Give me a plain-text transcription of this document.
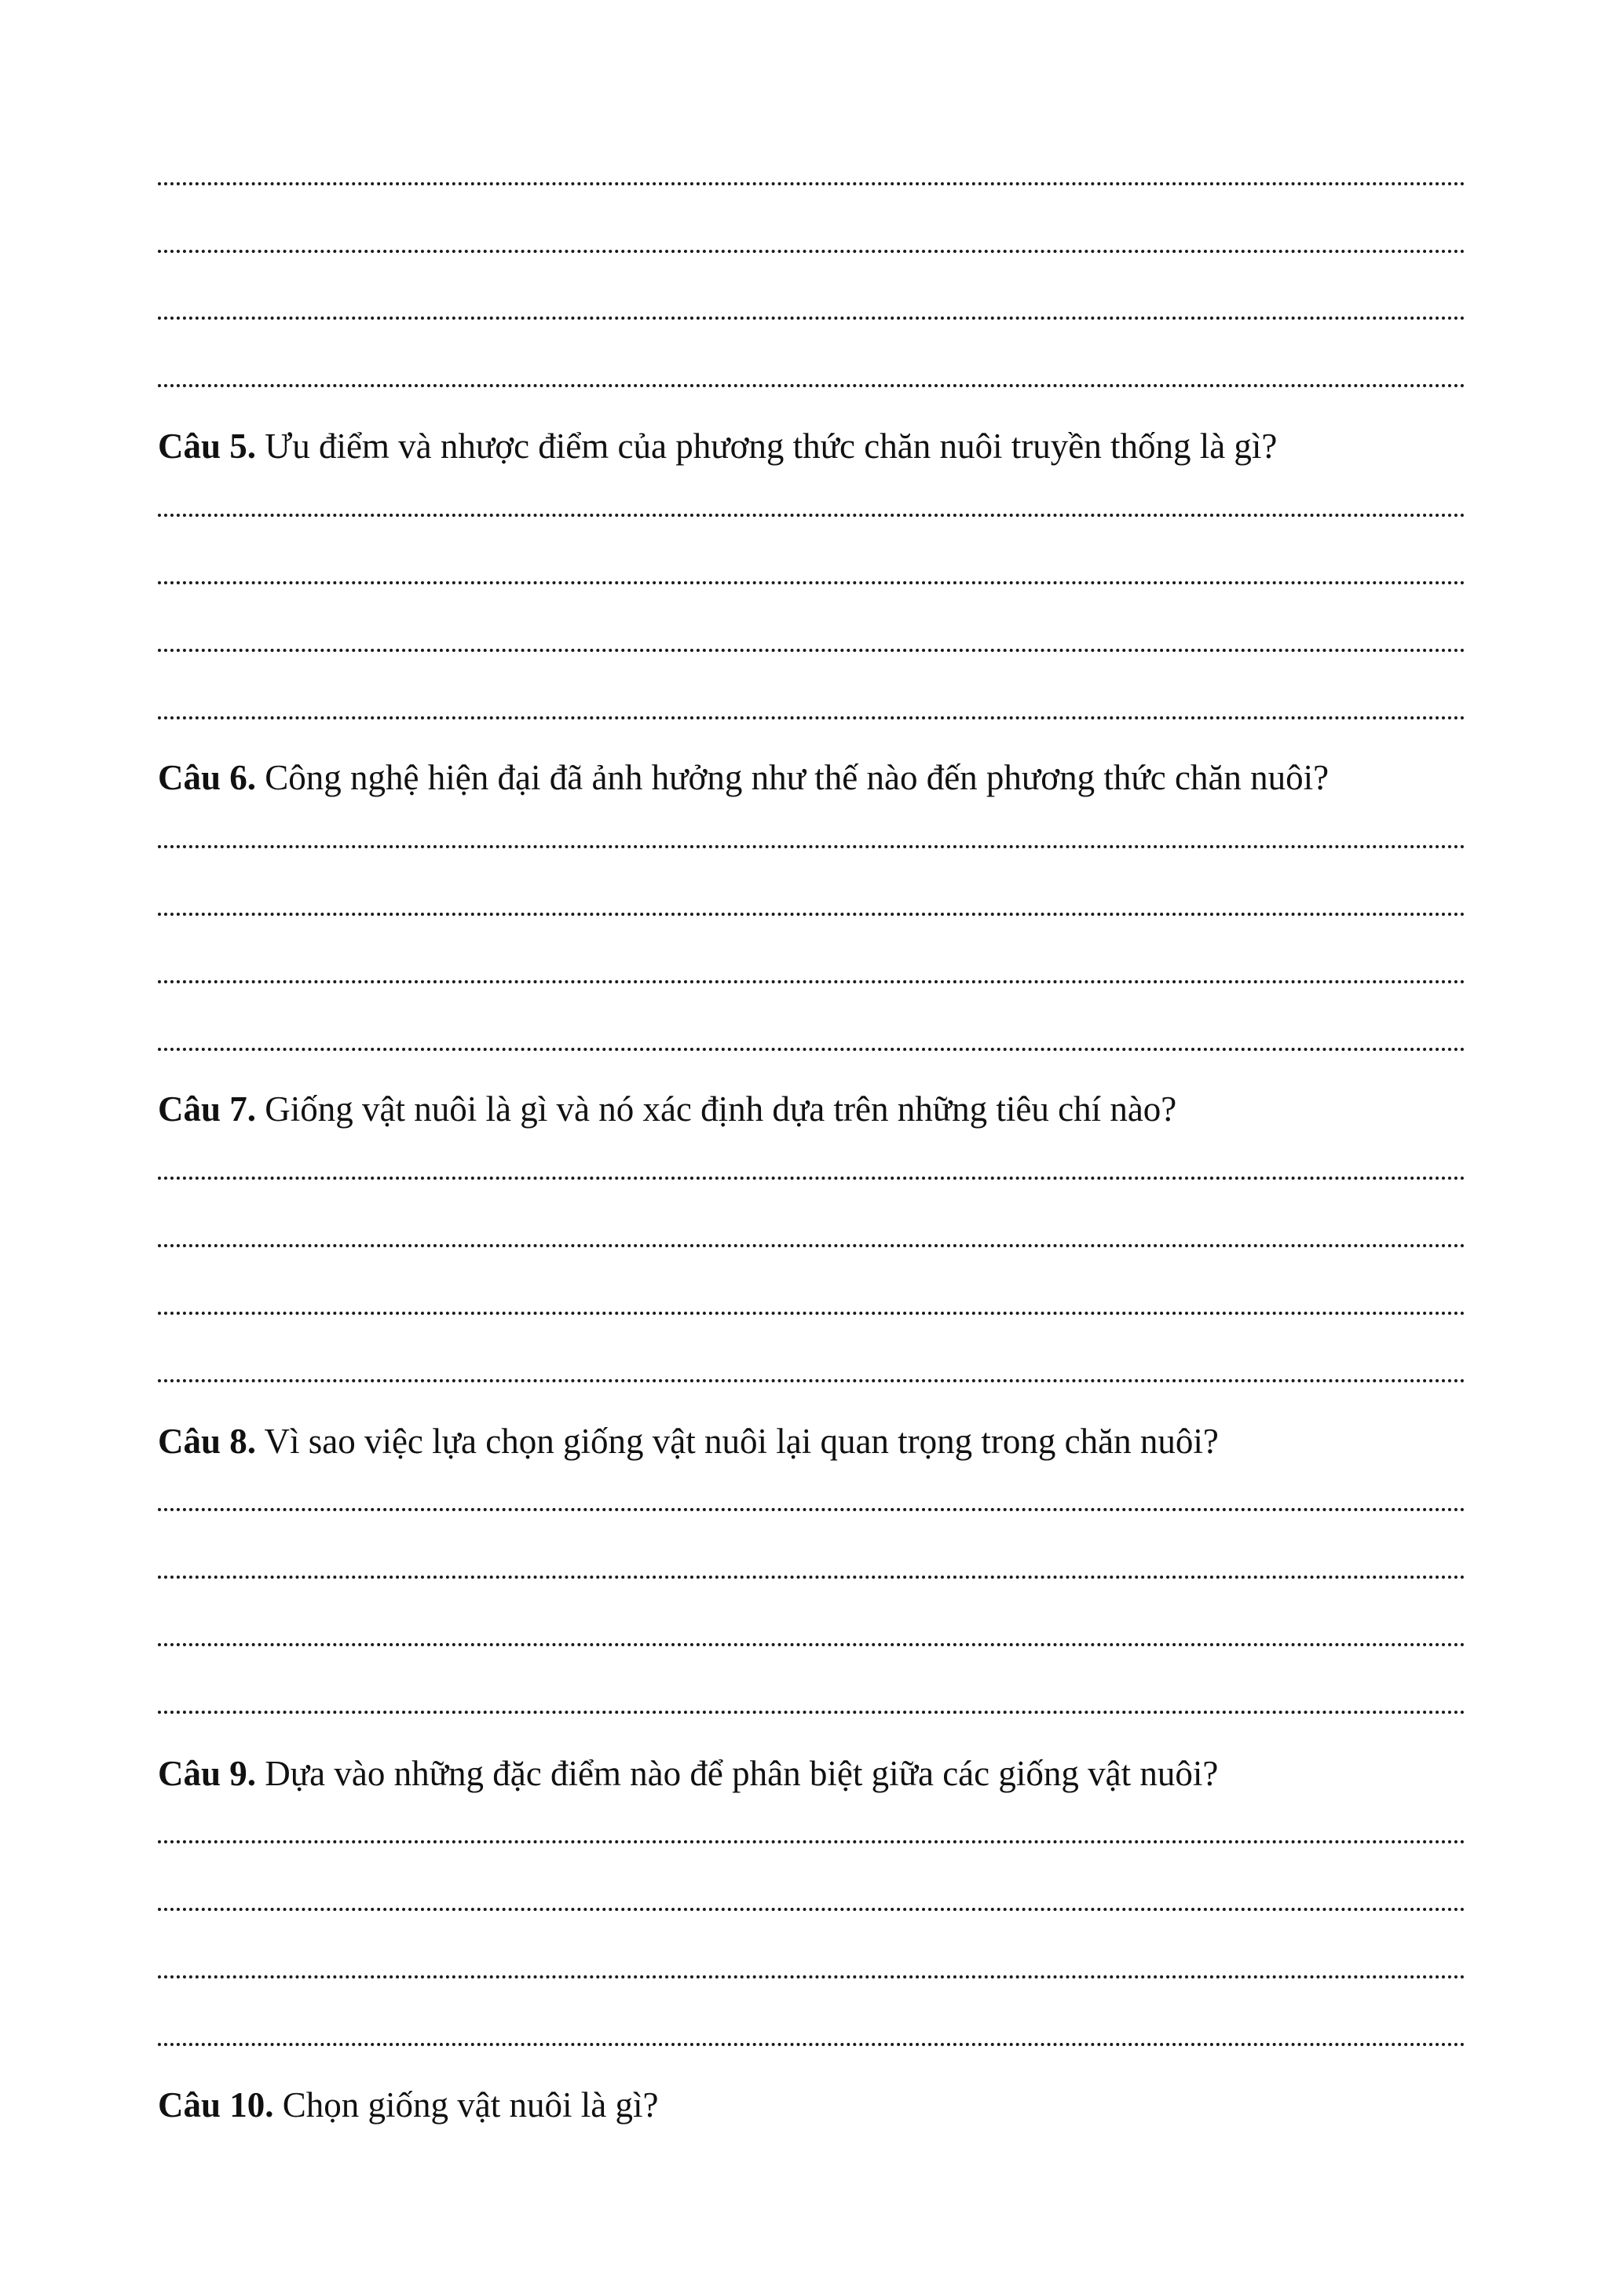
Câu 5. Ưu điểm và nhược điểm của phương thức chăn nuôi truyền thống là gì?
Câu 6. Công nghệ hiện đại đã ảnh hưởng như thế nào đến phương thức chăn nuôi?
Câu 7. Giống vật nuôi là gì và nó xác định dựa trên những tiêu chí nào?
Câu 8. Vì sao việc lựa chọn giống vật nuôi lại quan trọng trong chăn nuôi?
Câu 9. Dựa vào những đặc điểm nào để phân biệt giữa các giống vật nuôi?
Câu 10. Chọn giống vật nuôi là gì?
